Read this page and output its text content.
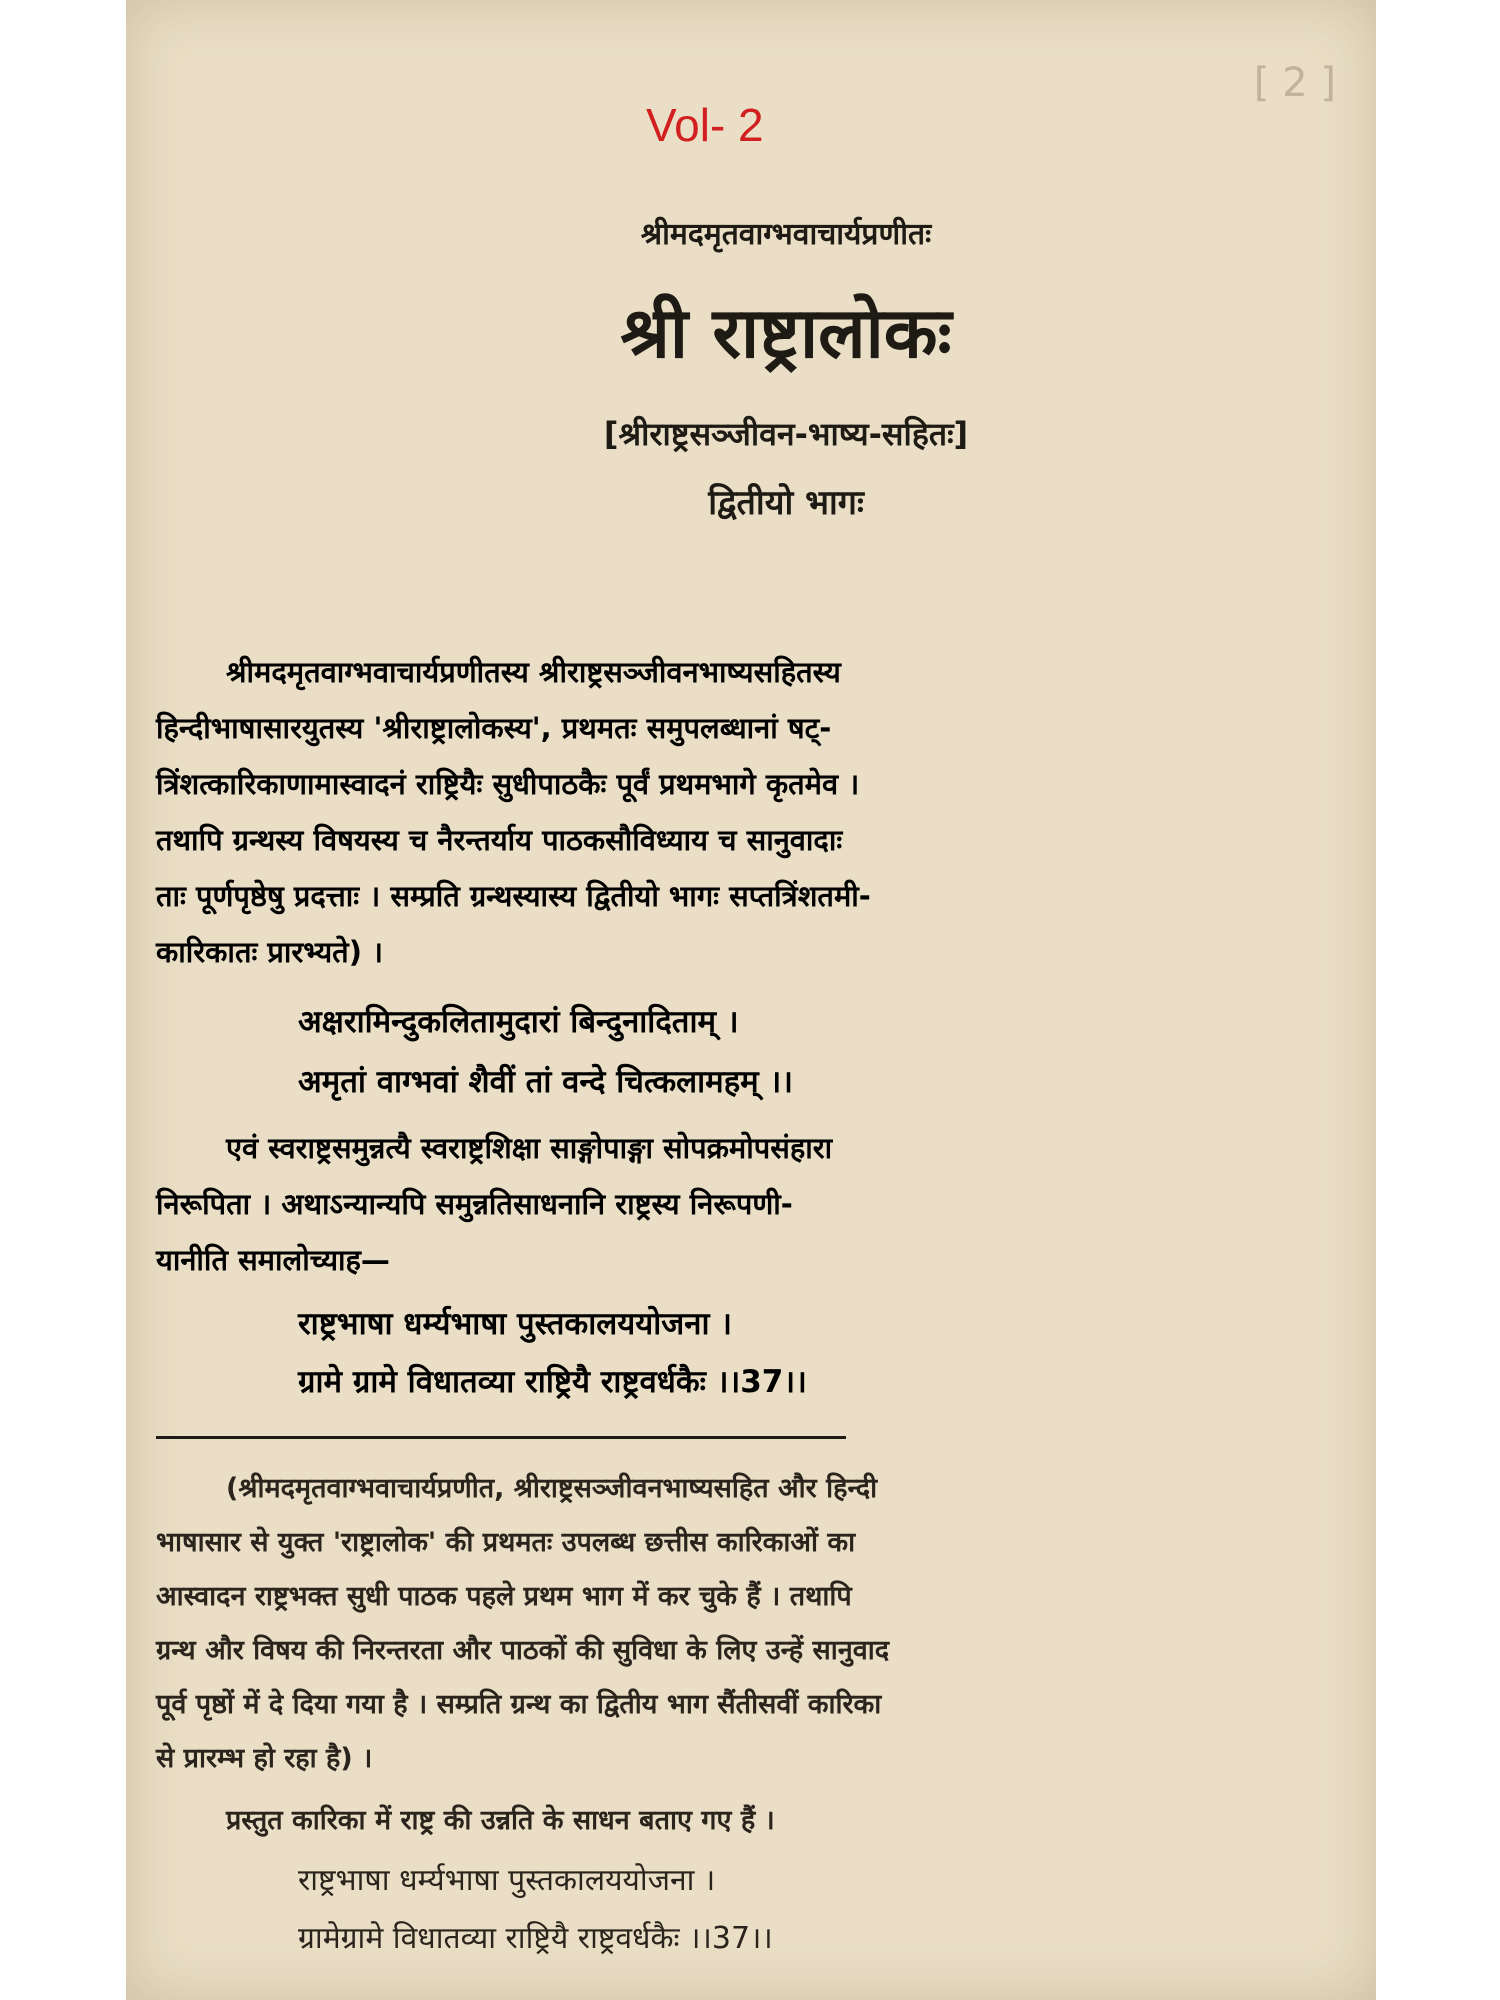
[ 2 ]
Vol- 2
श्रीमदमृतवाग्भवाचार्यप्रणीतः
श्री राष्ट्रालोकः
[श्रीराष्ट्रसञ्जीवन-भाष्य-सहितः]
द्वितीयो भागः
श्रीमदमृतवाग्भवाचार्यप्रणीतस्य श्रीराष्ट्रसञ्जीवनभाष्यसहितस्य
हिन्दीभाषासारयुतस्य 'श्रीराष्ट्रालोकस्य', प्रथमतः समुपलब्धानां षट्-
त्रिंशत्कारिकाणामास्वादनं राष्ट्रियैः सुधीपाठकैः पूर्वं प्रथमभागे कृतमेव ।
तथापि ग्रन्थस्य विषयस्य च नैरन्तर्याय पाठकसौविध्याय च सानुवादाः
ताः पूर्णपृष्ठेषु प्रदत्ताः । सम्प्रति ग्रन्थस्यास्य द्वितीयो भागः सप्तत्रिंशतमी-
कारिकातः प्रारभ्यते) ।
अक्षरामिन्दुकलितामुदारां बिन्दुनादिताम् ।
अमृतां वाग्भवां शैवीं तां वन्दे चित्कलामहम् ।।
एवं स्वराष्ट्रसमुन्नत्यै स्वराष्ट्रशिक्षा साङ्गोपाङ्गा सोपक्रमोपसंहारा
निरूपिता । अथाऽन्यान्यपि समुन्नतिसाधनानि राष्ट्रस्य निरूपणी-
यानीति समालोच्याह—
राष्ट्रभाषा धर्म्यभाषा पुस्तकालययोजना ।
ग्रामे ग्रामे विधातव्या राष्ट्रियै राष्ट्रवर्धकैः ।।37।।
(श्रीमदमृतवाग्भवाचार्यप्रणीत, श्रीराष्ट्रसञ्जीवनभाष्यसहित और हिन्दी
भाषासार से युक्त 'राष्ट्रालोक' की प्रथमतः उपलब्ध छत्तीस कारिकाओं का
आस्वादन राष्ट्रभक्त सुधी पाठक पहले प्रथम भाग में कर चुके हैं । तथापि
ग्रन्थ और विषय की निरन्तरता और पाठकों की सुविधा के लिए उन्हें सानुवाद
पूर्व पृष्ठों में दे दिया गया है । सम्प्रति ग्रन्थ का द्वितीय भाग सैंतीसवीं कारिका
से प्रारम्भ हो रहा है) ।
प्रस्तुत कारिका में राष्ट्र की उन्नति के साधन बताए गए हैं ।
राष्ट्रभाषा धर्म्यभाषा पुस्तकालययोजना ।
ग्रामेग्रामे विधातव्या राष्ट्रियै राष्ट्रवर्धकैः ।।37।।
